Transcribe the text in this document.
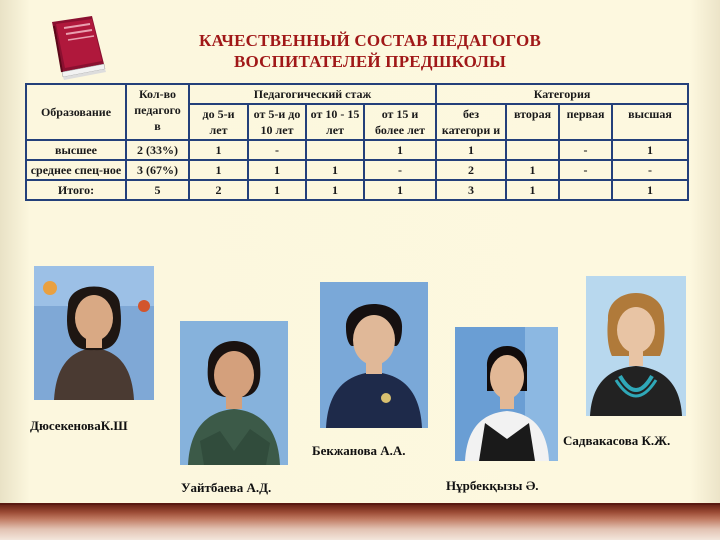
КАЧЕСТВЕННЫЙ СОСТАВ ПЕДАГОГОВ
ВОСПИТАТЕЛЕЙ ПРЕДШКОЛЫ
Образование	Кол-во педагого в	Педагогический стаж				Категория			
		до 5-и лет	от 5-и до 10 лет	от 10 - 15 лет	от 15 и более лет	без категори и	вторая	первая	высшая
высшее	2 (33%)	1	-		1	1		-	1
среднее спец-ное	3 (67%)	1	1	1	-	2	1	-	-
Итого:	5	2	1	1	1	3	1		1
ДюсекеноваК.Ш
Уайтбаева А.Д.
Бекжанова А.А.
Нұрбекқызы Ә.
Садвакасова К.Ж.
